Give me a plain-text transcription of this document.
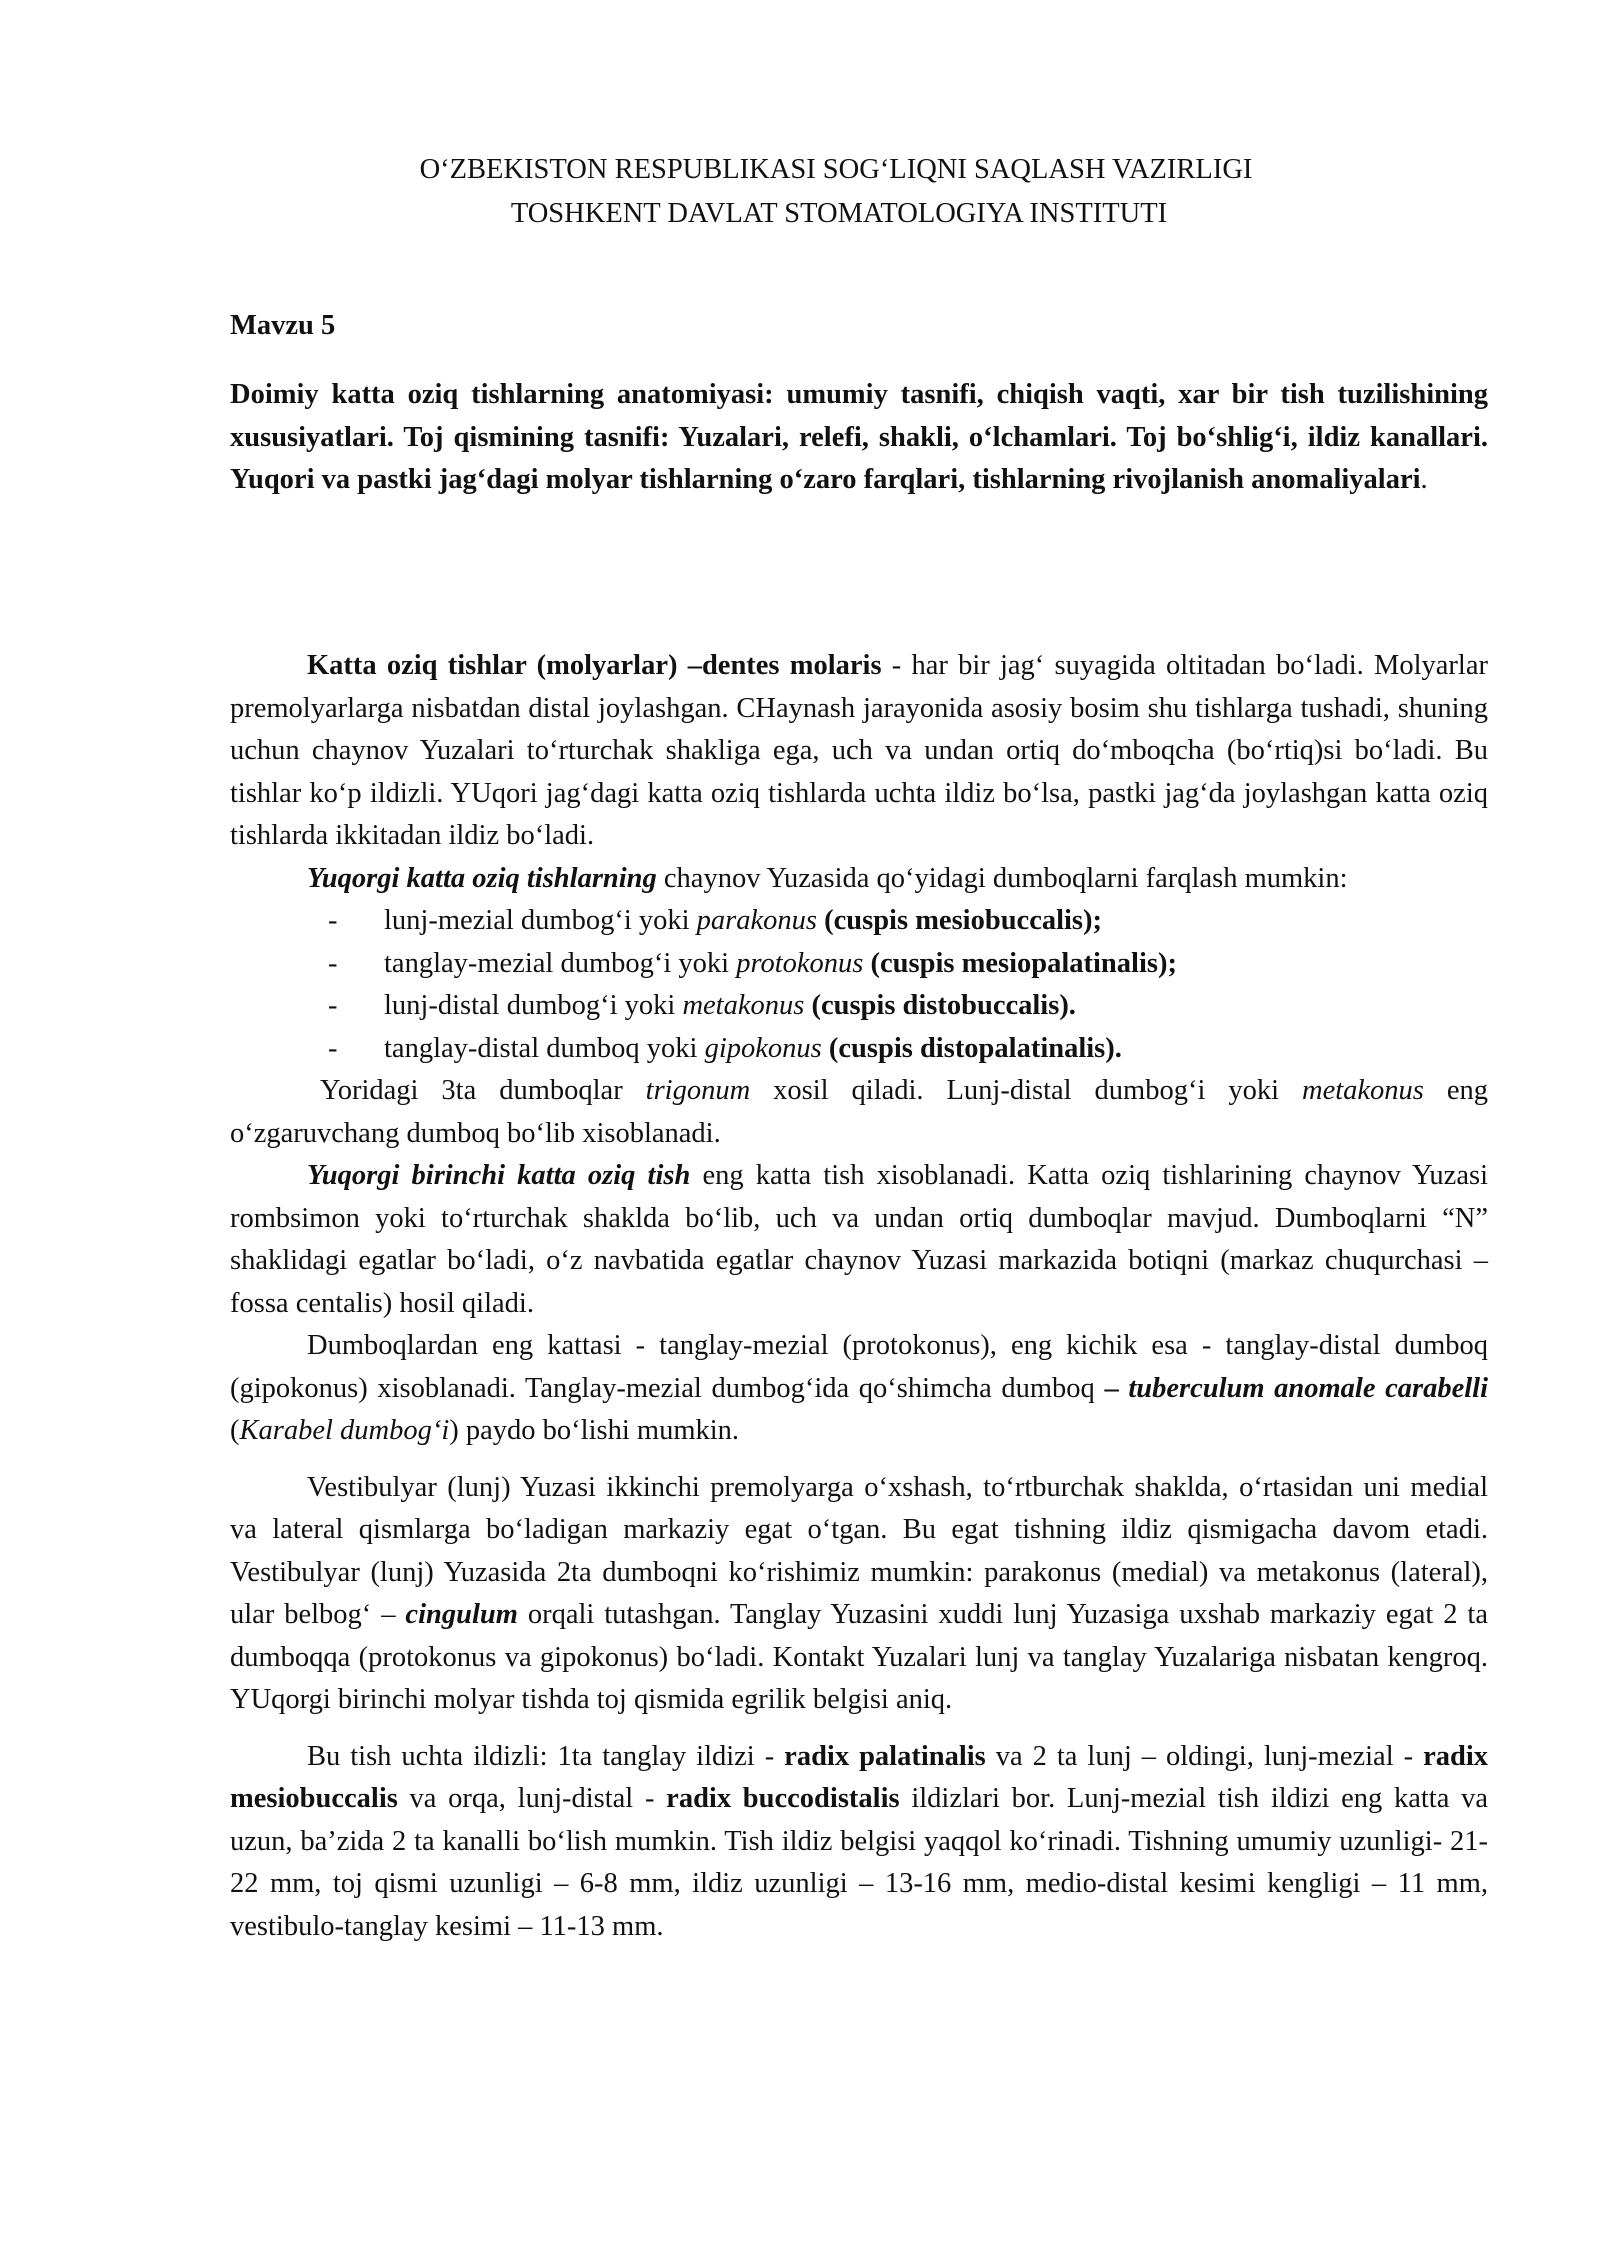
O‘ZBEKISTON RESPUBLIKASI SOG‘LIQNI SAQLASH VAZIRLIGI
TOSHKENT DAVLAT STOMATOLOGIYA INSTITUTI
Mavzu 5
Doimiy katta oziq tishlarning anatomiyasi: umumiy tasnifi, chiqish vaqti, xar bir tish tuzilishining xususiyatlari. Toj qismining tasnifi: Yuzalari, relefi, shakli, o‘lchamlari. Toj bo‘shlig‘i, ildiz kanallari. Yuqori va pastki jag‘dagi molyar tishlarning o‘zaro farqlari, tishlarning rivojlanish anomaliyalari.

Katta oziq tishlar (molyarlar) –dentes molaris - har bir jag‘ suyagida oltitadan bo‘ladi. Molyarlar premolyarlarga nisbatdan distal joylashgan. CHaynash jarayonida asosiy bosim shu tishlarga tushadi, shuning uchun chaynov Yuzalari to‘rturchak shakliga ega, uch va undan ortiq do‘mboqcha (bo‘rtiq)si bo‘ladi. Bu tishlar ko‘p ildizli. YUqori jag‘dagi katta oziq tishlarda uchta ildiz bo‘lsa, pastki jag‘da joylashgan katta oziq tishlarda ikkitadan ildiz bo‘ladi.

Yuqorgi katta oziq tishlarning chaynov Yuzasida qo‘yidagi dumboqlarni farqlash mumkin:

- lunj-mezial dumbog‘i yoki parakonus (cuspis mesiobuccalis);
- tanglay-mezial dumbog‘i yoki protokonus (cuspis mesiopalatinalis);
- lunj-distal dumbog‘i yoki metakonus (cuspis distobuccalis).
- tanglay-distal dumboq yoki gipokonus (cuspis distopalatinalis).

Yoridagi 3ta dumboqlar trigonum xosil qiladi. Lunj-distal dumbog‘i yoki metakonus eng o‘zgaruvchang dumboq bo‘lib xisoblanadi.

Yuqorgi birinchi katta oziq tish eng katta tish xisoblanadi. Katta oziq tishlarining chaynov Yuzasi rombsimon yoki to‘rturchak shaklda bo‘lib, uch va undan ortiq dumboqlar mavjud. Dumboqlarni “N” shaklidagi egatlar bo‘ladi, o‘z navbatida egatlar chaynov Yuzasi markazida botiqni (markaz chuqurchasi – fossa centalis) hosil qiladi.

Dumboqlardan eng kattasi - tanglay-mezial (protokonus), eng kichik esa - tanglay-distal dumboq (gipokonus) xisoblanadi. Tanglay-mezial dumbog‘ida qo‘shimcha dumboq – tuberculum anomale carabelli (Karabel dumbog‘i) paydo bo‘lishi mumkin.

Vestibulyar (lunj) Yuzasi ikkinchi premolyarga o‘xshash, to‘rtburchak shaklda, o‘rtasidan uni medial va lateral qismlarga bo‘ladigan markaziy egat o‘tgan. Bu egat tishning ildiz qismigacha davom etadi. Vestibulyar (lunj) Yuzasida 2ta dumboqni ko‘rishimiz mumkin: parakonus (medial) va metakonus (lateral), ular belbog‘ – cingulum orqali tutashgan. Tanglay Yuzasini xuddi lunj Yuzasiga uxshab markaziy egat 2 ta dumboqqa (protokonus va gipokonus) bo‘ladi. Kontakt Yuzalari lunj va tanglay Yuzalariga nisbatan kengroq. YUqorgi birinchi molyar tishda toj qismida egrilik belgisi aniq.

Bu tish uchta ildizli: 1ta tanglay ildizi - radix palatinalis va 2 ta lunj – oldingi, lunj-mezial - radix mesiobuccalis va orqa, lunj-distal - radix buccodistalis ildizlari bor. Lunj-mezial tish ildizi eng katta va uzun, ba’zida 2 ta kanalli bo‘lish mumkin. Tish ildiz belgisi yaqqol ko‘rinadi. Tishning umumiy uzunligi- 21-22 mm, toj qismi uzunligi – 6-8 mm, ildiz uzunligi – 13-16 mm, medio-distal kesimi kengligi – 11 mm, vestibulo-tanglay kesimi – 11-13 mm.
